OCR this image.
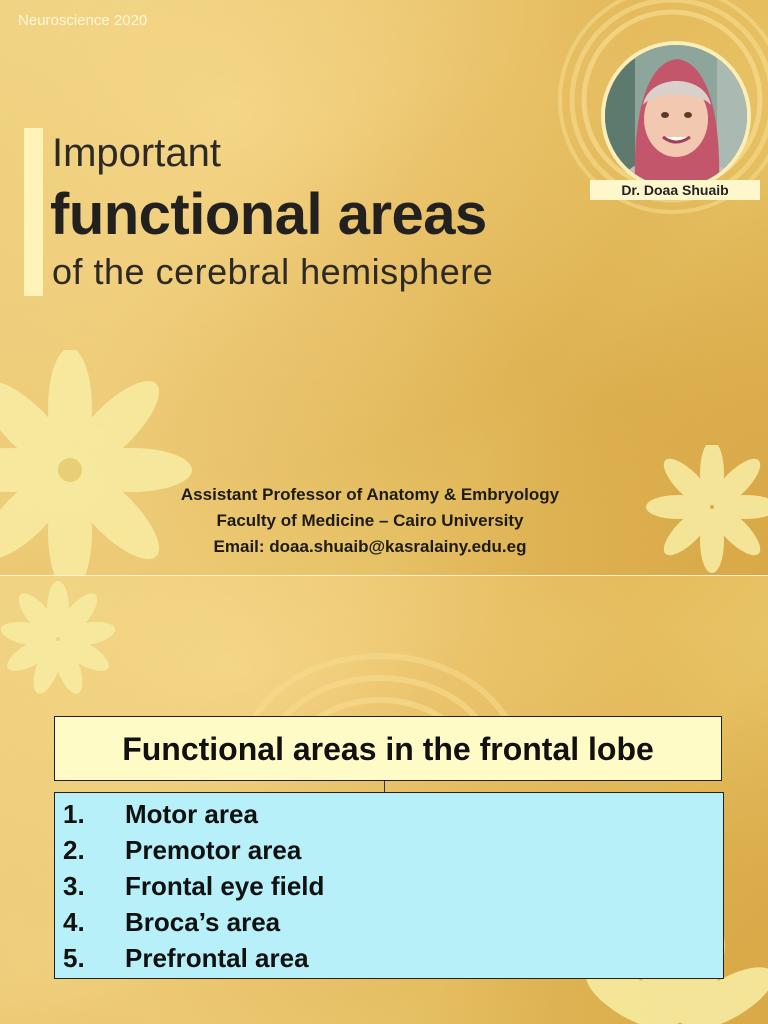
Neuroscience 2020
Important
functional areas
of the cerebral hemisphere
Dr. Doaa Shuaib
Assistant Professor of Anatomy & Embryology
Faculty of Medicine – Cairo University
Email: doaa.shuaib@kasralainy.edu.eg
Functional areas in the frontal lobe
1. Motor area
2. Premotor area
3. Frontal eye field
4. Broca’s area
5. Prefrontal area
